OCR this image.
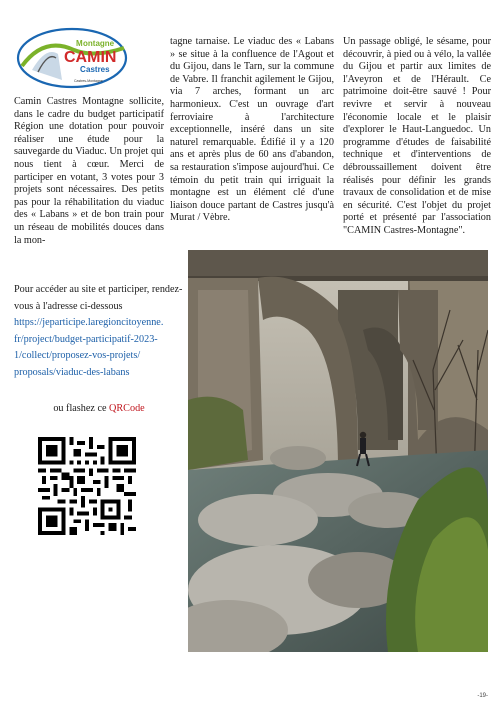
M ontagne
CAMIN
C astres
Castres-Montagne
Camin Castres Montagne sollicite, dans le cadre du budget participatif Région une dotation pour pouvoir réaliser une étude pour la sauvegarde du Viaduc. Un projet qui nous tient à cœur. Merci de participer en votant, 3 votes pour 3 projets sont nécessaires. Des petits pas pour la réhabilitation du viaduc des « Labans » et de bon train pour un réseau de mobilités douces dans la mon-
tagne tarnaise. Le viaduc des « Labans » se situe à la confluence de l'Agout et du Gijou, dans le Tarn, sur la commune de Vabre. Il franchit agilement le Gijou, via 7 arches, formant un arc harmonieux. C'est un ouvrage d'art ferroviaire à l'architecture exceptionnelle, inséré dans un site naturel remarquable. Édifié il y a 120 ans et après plus de 60 ans d'abandon, sa restauration s'impose aujourd'hui. Ce témoin du petit train qui irriguait la montagne est un élément clé d'une liaison douce partant de Castres jusqu'à Murat / Vèbre.
Un passage obligé, le sésame, pour découvrir, à pied ou à vélo, la vallée du Gijou et partir aux limites de l'Aveyron et de l'Hérault. Ce patrimoine doit-être sauvé ! Pour revivre et servir à nouveau l'économie locale et le plaisir d'explorer le Haut-Languedoc. Un programme d'études de faisabilité technique et d'interventions de débroussaillement doivent être réalisés pour définir les grands travaux de consolidation et de mise en sécurité. C'est l'objet du projet porté et présenté par l'association "CAMIN Castres-Montagne".
Pour accéder au site et participer, rendez-vous à l'adresse ci-dessous
https://jeparticipe.laregioncitoyenne.
fr/project/budget-participatif-2023-
1/collect/proposez-vos-projets/
proposals/viaduc-des-labans
ou flashez ce QRCode
-19-
